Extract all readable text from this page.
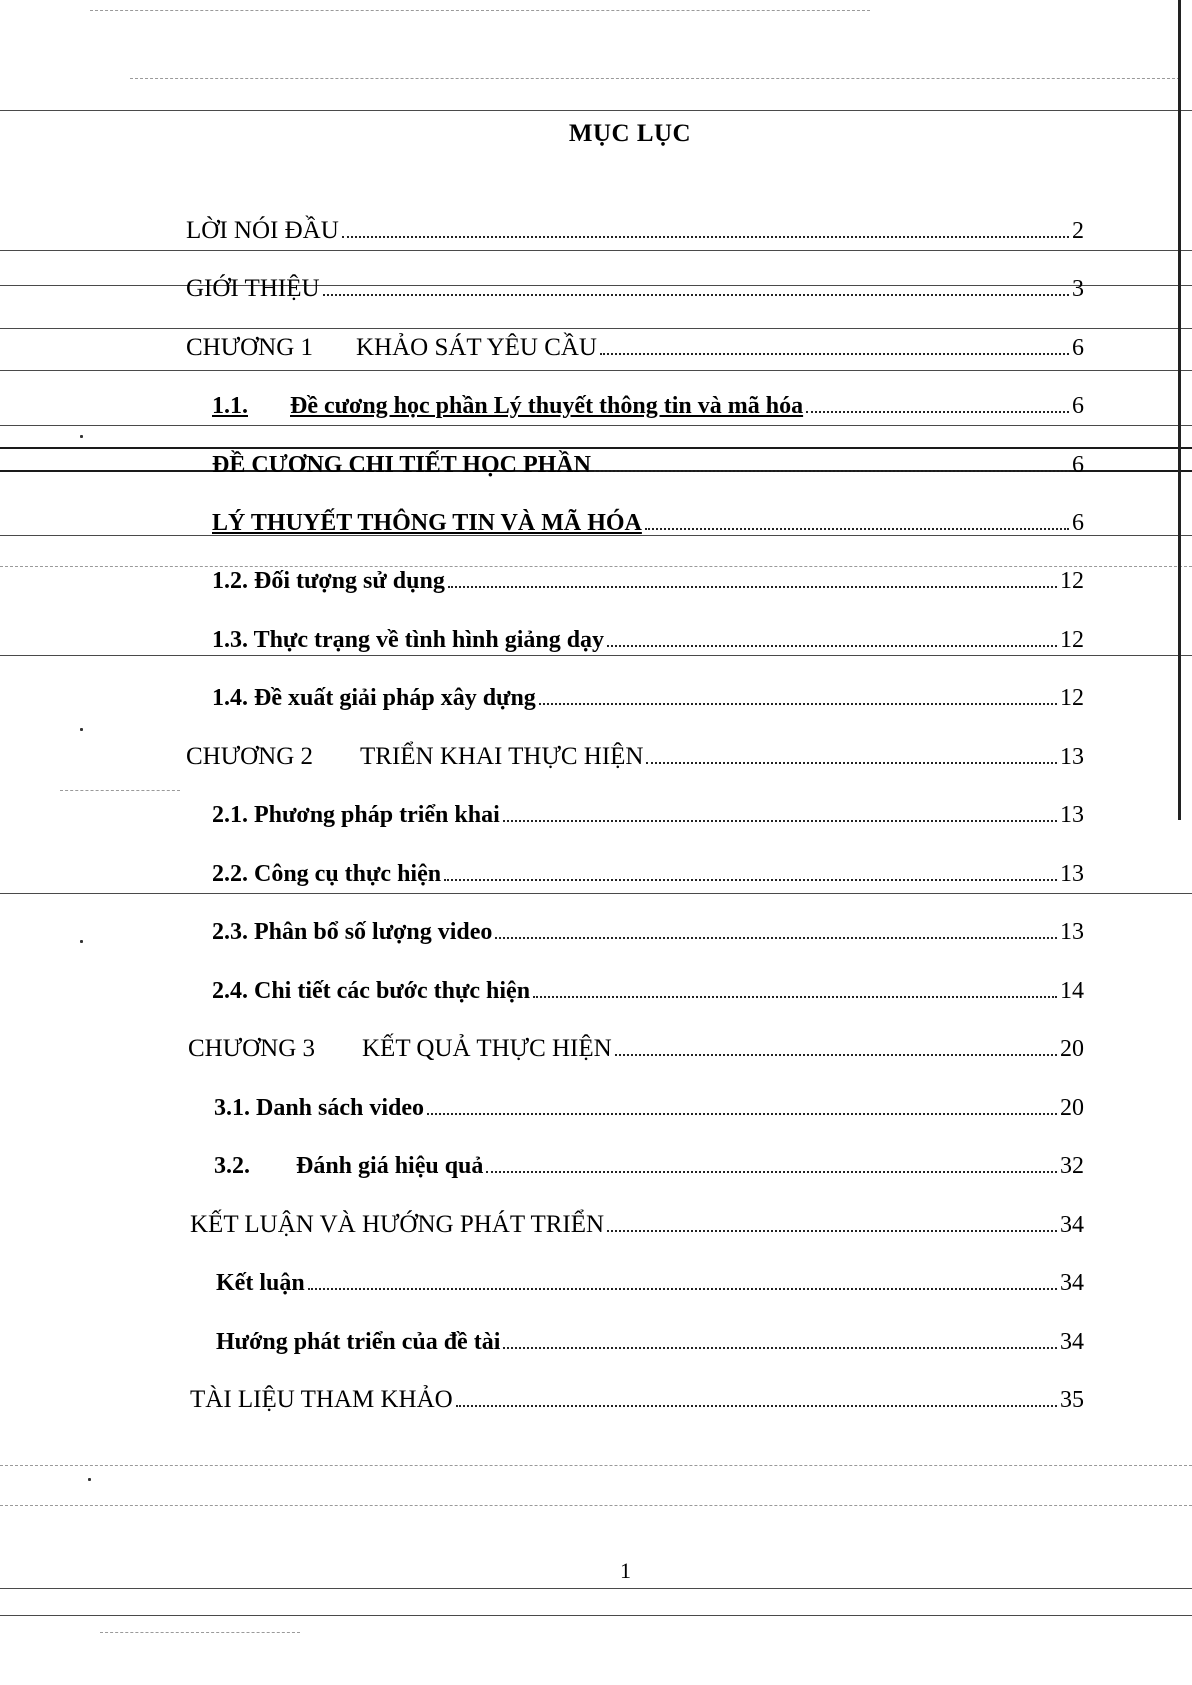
MỤC LỤC
LỜI NÓI ĐẦU	2
GIỚI THIỆU	3
CHƯƠNG 1 KHẢO SÁT YÊU CẦU	6
1.1. Đề cương học phần Lý thuyết thông tin và mã hóa	6
ĐỀ CƯƠNG CHI TIẾT HỌC PHẦN	6
LÝ THUYẾT THÔNG TIN VÀ MÃ HÓA	6
1.2. Đối tượng sử dụng	12
1.3. Thực trạng về tình hình giảng dạy	12
1.4. Đề xuất giải pháp xây dựng	12
CHƯƠNG 2 TRIỂN KHAI THỰC HIỆN	13
2.1. Phương pháp triển khai	13
2.2. Công cụ thực hiện	13
2.3. Phân bổ số lượng video	13
2.4. Chi tiết các bước thực hiện	14
CHƯƠNG 3 KẾT QUẢ THỰC HIỆN	20
3.1. Danh sách video	20
3.2. Đánh giá hiệu quả	32
KẾT LUẬN VÀ HƯỚNG PHÁT TRIỂN	34
Kết luận	34
Hướng phát triển của đề tài	34
TÀI LIỆU THAM KHẢO	35
1
